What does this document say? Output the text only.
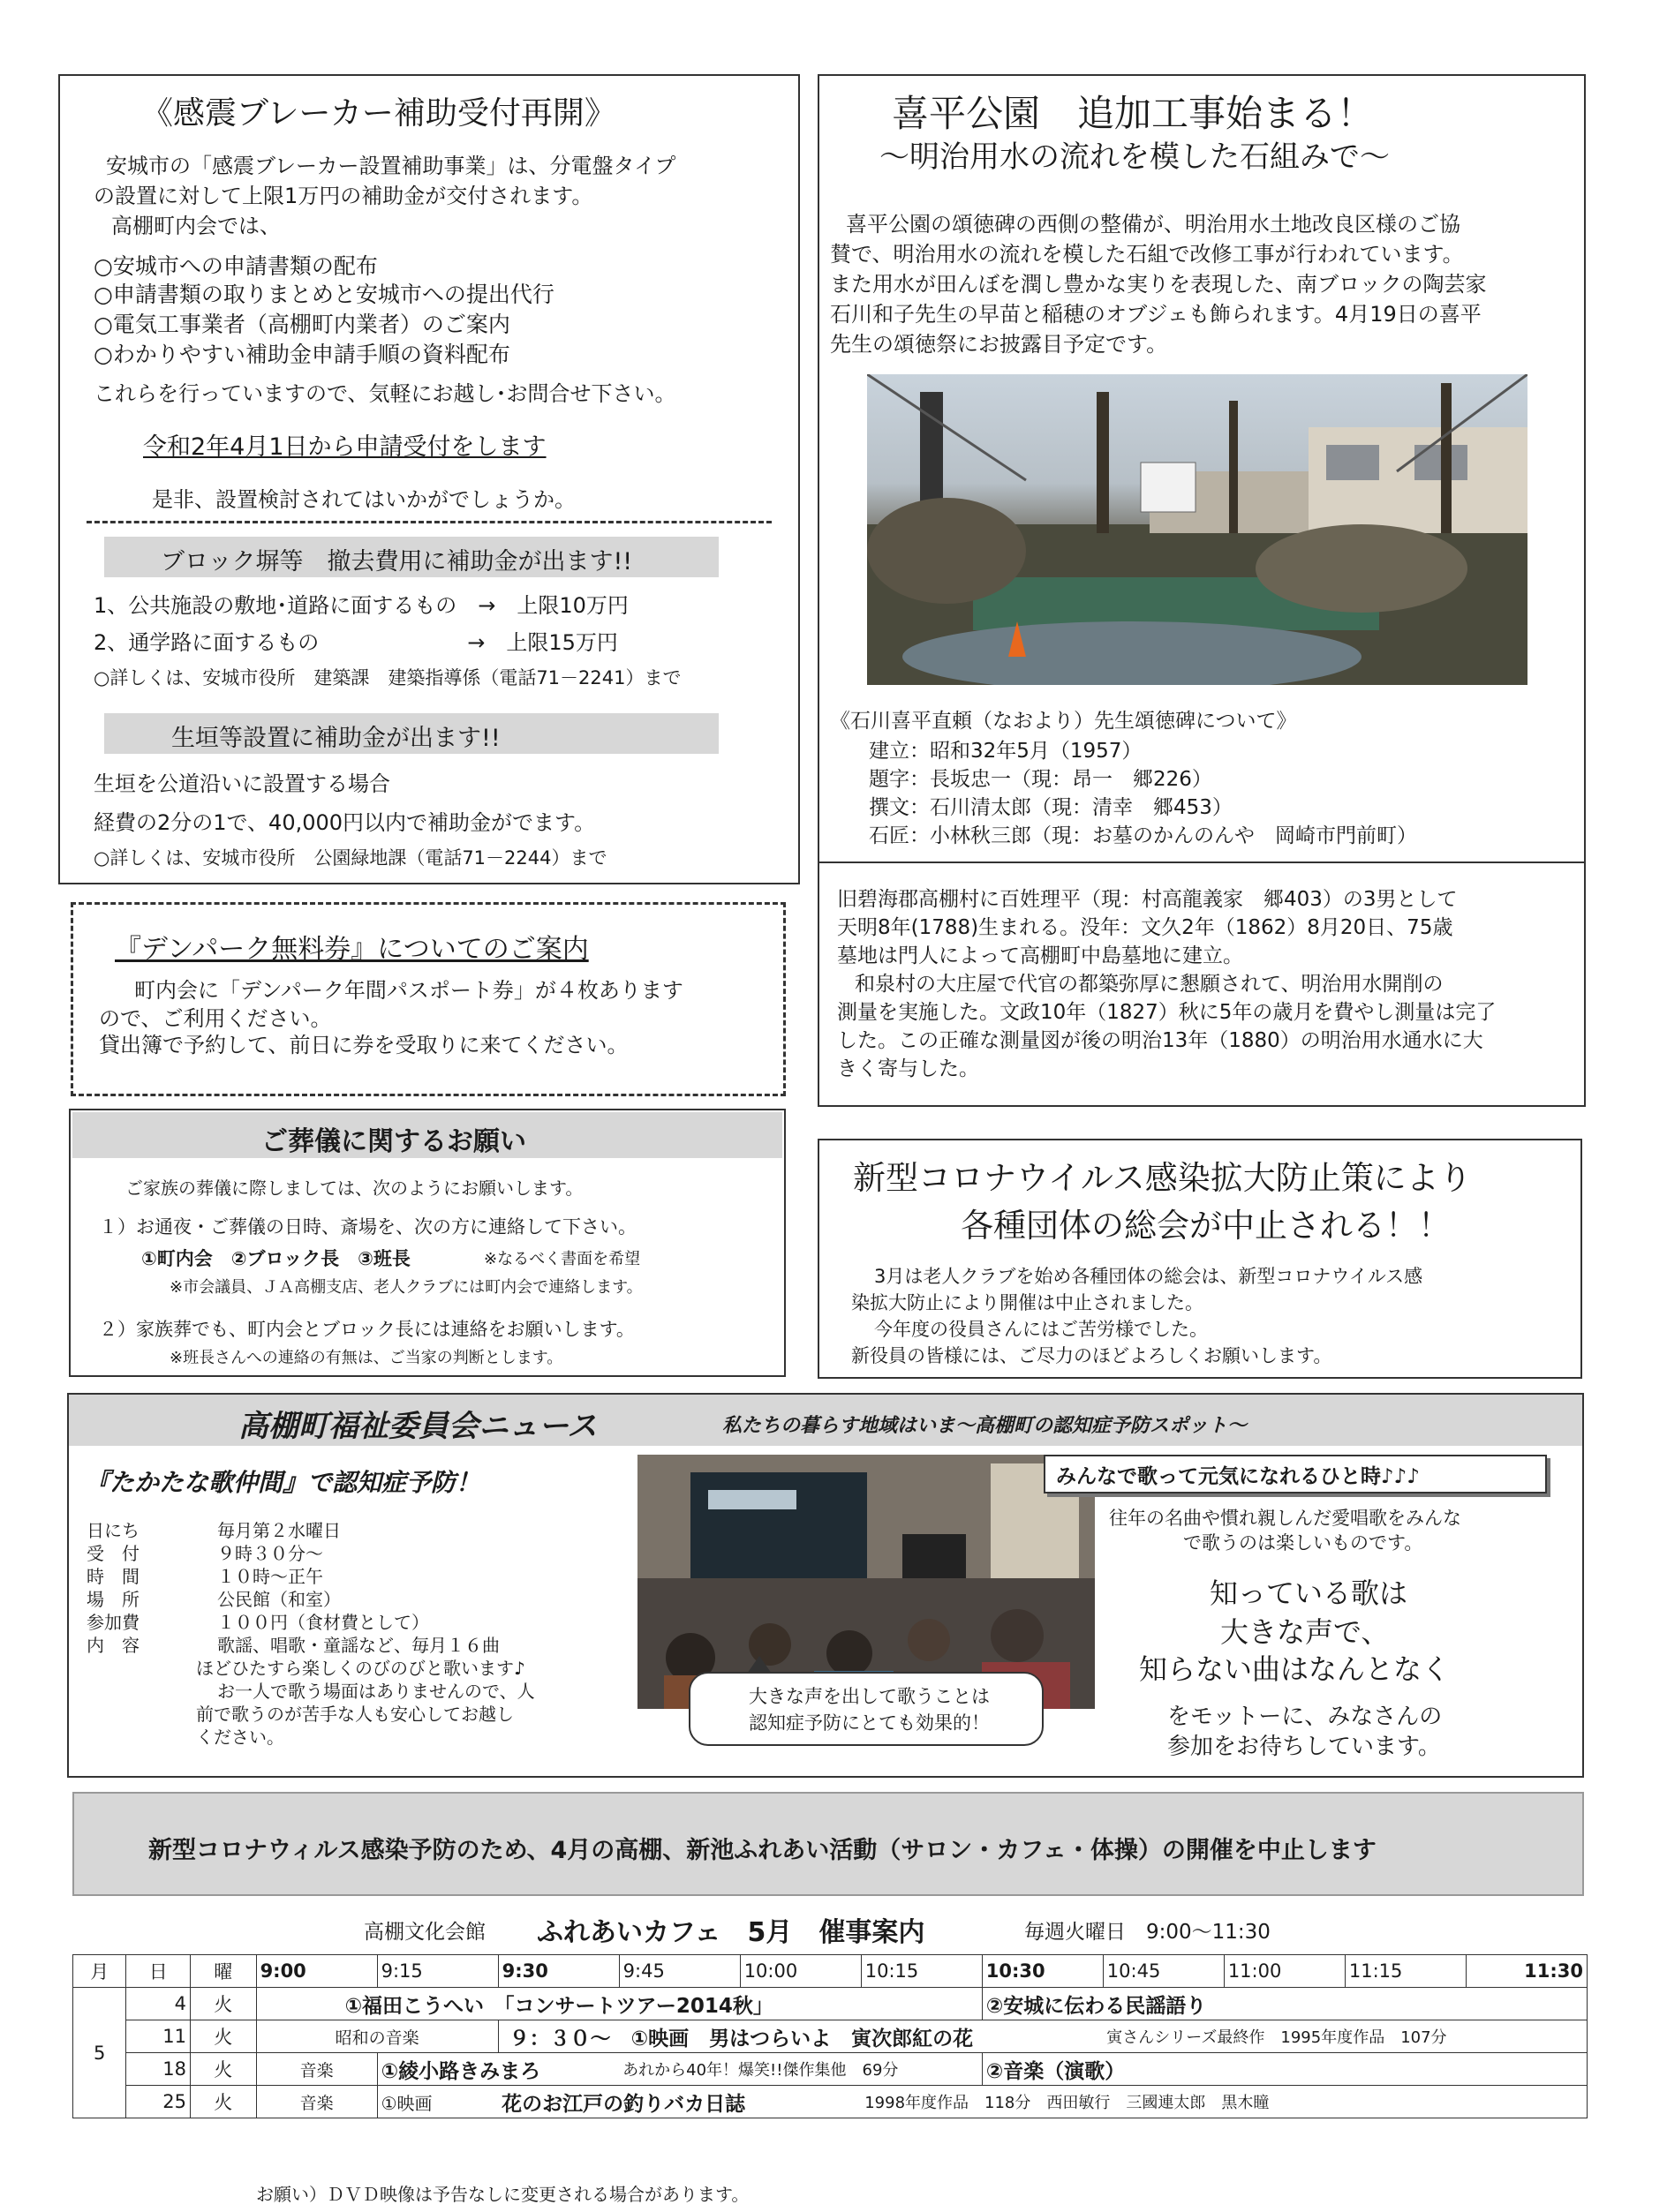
《感震ブレーカー補助受付再開》
安城市の「感震ブレーカー設置補助事業」は、分電盤タイプ
の設置に対して上限1万円の補助金が交付されます。
高棚町内会では、
○安城市への申請書類の配布
○申請書類の取りまとめと安城市への提出代行
○電気工事業者（高棚町内業者）のご案内
○わかりやすい補助金申請手順の資料配布
これらを行っていますので、気軽にお越し･お問合せ下さい。
令和2年4月1日から申請受付をします
是非、設置検討されてはいかがでしょうか。
ブロック塀等　撤去費用に補助金が出ます!!
1、公共施設の敷地･道路に面するもの　→　上限10万円
2、通学路に面するもの　　　　　　　→　上限15万円
○詳しくは、安城市役所　建築課　建築指導係（電話71－2241）まで
生垣等設置に補助金が出ます!!
生垣を公道沿いに設置する場合
経費の2分の1で、40,000円以内で補助金がでます。
○詳しくは、安城市役所　公園緑地課（電話71－2244）まで
『デンパーク無料券』についてのご案内
町内会に「デンパーク年間パスポート券」が４枚あります
ので、ご利用ください。
貸出簿で予約して、前日に券を受取りに来てください。
ご葬儀に関するお願い
ご家族の葬儀に際しましては、次のようにお願いします。
１）お通夜・ご葬儀の日時、斎場を、次の方に連絡して下さい。
①町内会　②ブロック長　③班長	※なるべく書面を希望
※市会議員、ＪＡ高棚支店、老人クラブには町内会で連絡します。
２）家族葬でも、町内会とブロック長には連絡をお願いします。
※班長さんへの連絡の有無は、ご当家の判断とします。
喜平公園　追加工事始まる！
～明治用水の流れを模した石組みで～
喜平公園の頌徳碑の西側の整備が、明治用水土地改良区様のご協
賛で、明治用水の流れを模した石組で改修工事が行われています。
また用水が田んぼを潤し豊かな実りを表現した、南ブロックの陶芸家
石川和子先生の早苗と稲穂のオブジェも飾られます。4月19日の喜平
先生の頌徳祭にお披露目予定です。
《石川喜平直頼（なおより）先生頌徳碑について》
建立：昭和32年5月（1957）
題字：長坂忠一（現：昂一　郷226）
撰文：石川清太郎（現：清幸　郷453）
石匠：小林秋三郎（現：お墓のかんのんや　岡崎市門前町）
旧碧海郡高棚村に百姓理平（現：村高龍義家　郷403）の3男として
天明8年(1788)生まれる。没年：文久2年（1862）8月20日、75歳
墓地は門人によって高棚町中島墓地に建立。
和泉村の大庄屋で代官の都築弥厚に懇願されて、明治用水開削の
測量を実施した。文政10年（1827）秋に5年の歳月を費やし測量は完了
した。この正確な測量図が後の明治13年（1880）の明治用水通水に大
きく寄与した。
新型コロナウイルス感染拡大防止策により
各種団体の総会が中止される！！
3月は老人クラブを始め各種団体の総会は、新型コロナウイルス感
染拡大防止により開催は中止されました。
今年度の役員さんにはご苦労様でした。
新役員の皆様には、ご尽力のほどよろしくお願いします。
高棚町福祉委員会ニュース	私たちの暮らす地域はいま～高棚町の認知症予防スポット～
『たかたな歌仲間』で認知症予防！
日にち	毎月第２水曜日
受　付	９時３０分～
時　間	１０時～正午
場　所	公民館（和室）
参加費	１００円（食材費として）
内　容	歌謡、唱歌・童謡など、毎月１６曲
ほどひたすら楽しくのびのびと歌います♪
お一人で歌う場面はありませんので、人
前で歌うのが苦手な人も安心してお越し
ください。
大きな声を出して歌うことは
認知症予防にとても効果的！
みんなで歌って元気になれるひと時♪♪♪
往年の名曲や慣れ親しんだ愛唱歌をみんな
で歌うのは楽しいものです。
知っている歌は
大きな声で、
知らない曲はなんとなく
をモットーに、みなさんの
参加をお待ちしています。
新型コロナウィルス感染予防のため、4月の高棚、新池ふれあい活動（サロン・カフェ・体操）の開催を中止します
高棚文化会館 ふれあいカフェ　5月　催事案内	毎週火曜日　9:00～11:30
月	日	曜	9:00	9:15	9:30	9:45	10:00	10:15	10:30	10:45	11:00	11:15	11:30
5	4	火	①福田こうへい　「コンサートツアー2014秋」						②安城に伝わる民謡語り				
	11	火	昭和の音楽		９：３０～　①映画　男はつらいよ　寅次郎紅の花					寅さんシリーズ最終作　1995年度作品　107分			
	18	火	音楽	①綾小路きみまろ		あれから40年！爆笑!!傑作集他　69分			②音楽（演歌）				
	25	火	音楽	①映画	花のお江戸の釣りバカ日誌			1998年度作品　118分　西田敏行　三國連太郎　黒木瞳					
お願い）ＤＶＤ映像は予告なしに変更される場合があります。
